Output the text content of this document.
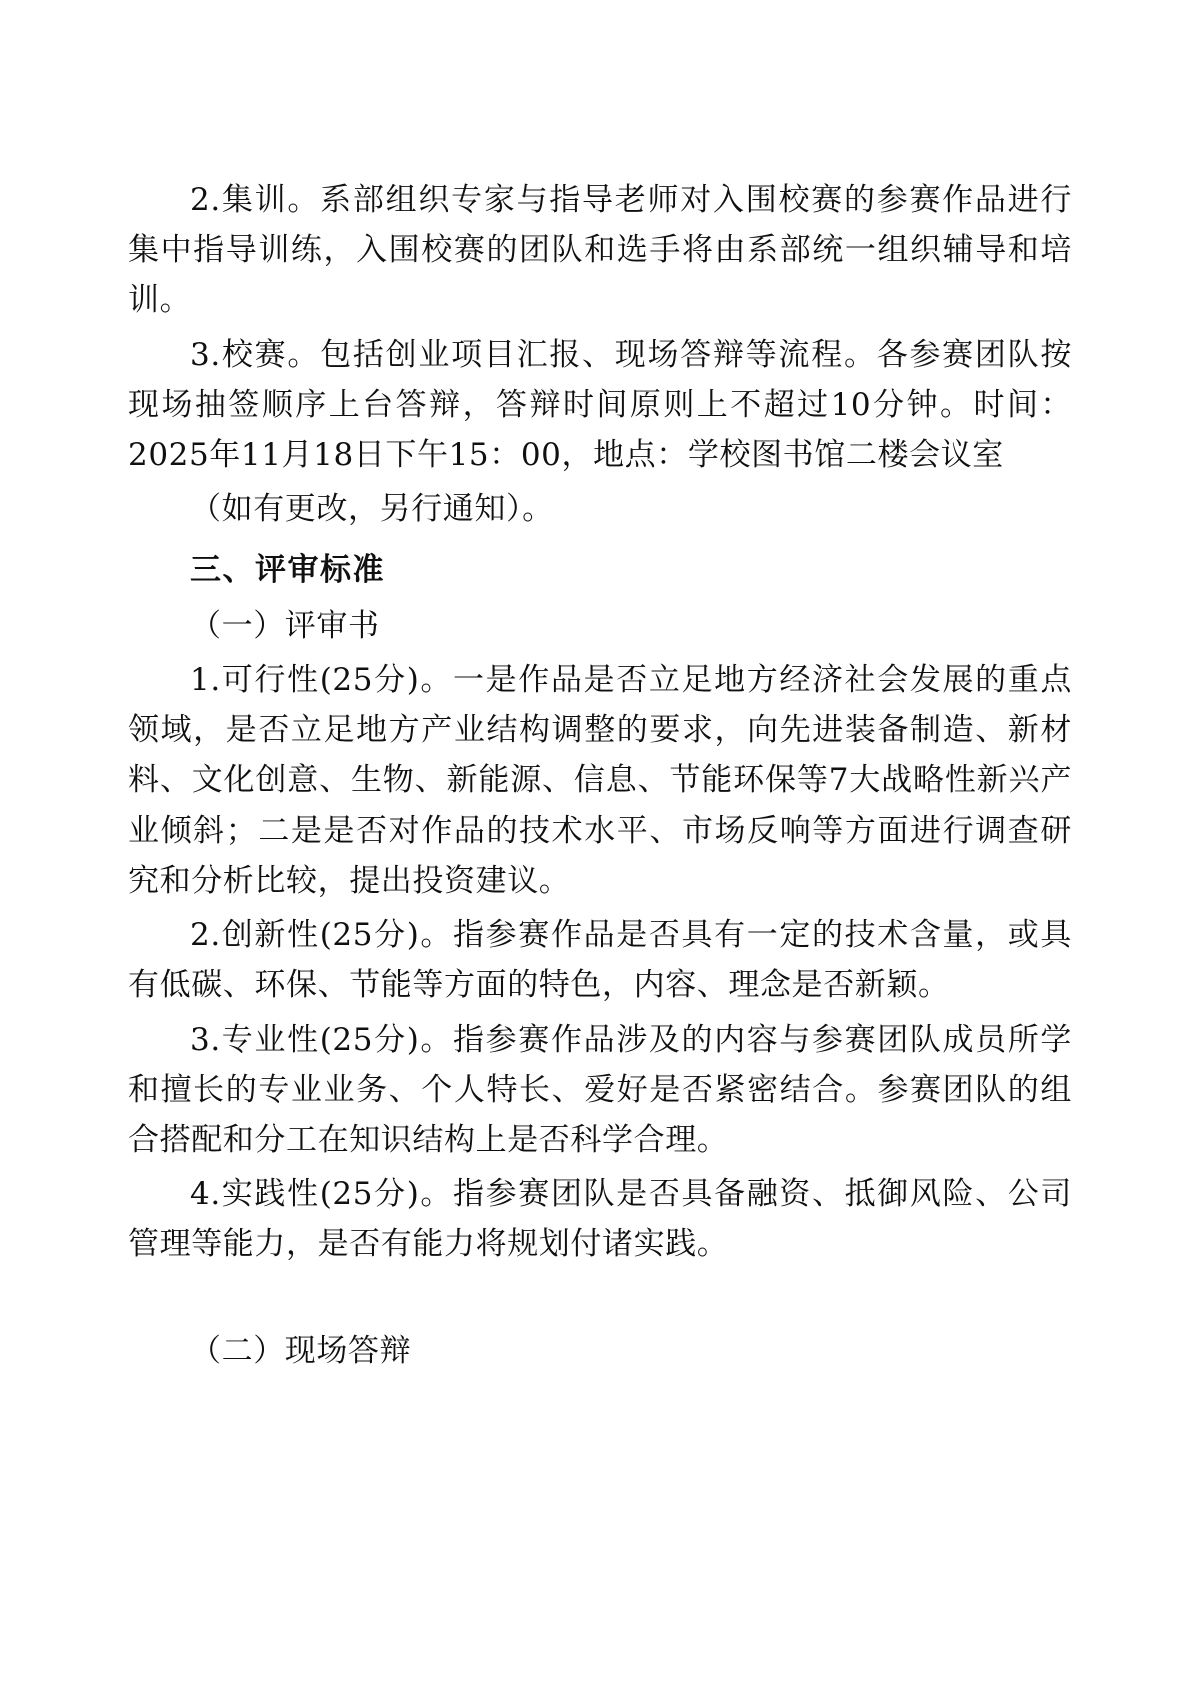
2.集训。系部组织专家与指导老师对入围校赛的参赛作品进行集中指导训练，入围校赛的团队和选手将由系部统一组织辅导和培训。

3.校赛。包括创业项目汇报、现场答辩等流程。各参赛团队按现场抽签顺序上台答辩，答辩时间原则上不超过10分钟。时间：2025年11月18日下午15：00，地点：学校图书馆二楼会议室

（如有更改，另行通知）。

三、评审标准

（一）评审书

1.可行性(25分)。一是作品是否立足地方经济社会发展的重点领域，是否立足地方产业结构调整的要求，向先进装备制造、新材料、文化创意、生物、新能源、信息、节能环保等7大战略性新兴产业倾斜；二是是否对作品的技术水平、市场反响等方面进行调查研究和分析比较，提出投资建议。

2.创新性(25分)。指参赛作品是否具有一定的技术含量，或具有低碳、环保、节能等方面的特色，内容、理念是否新颖。

3.专业性(25分)。指参赛作品涉及的内容与参赛团队成员所学和擅长的专业业务、个人特长、爱好是否紧密结合。参赛团队的组合搭配和分工在知识结构上是否科学合理。

4.实践性(25分)。指参赛团队是否具备融资、抵御风险、公司管理等能力，是否有能力将规划付诸实践。

（二）现场答辩
